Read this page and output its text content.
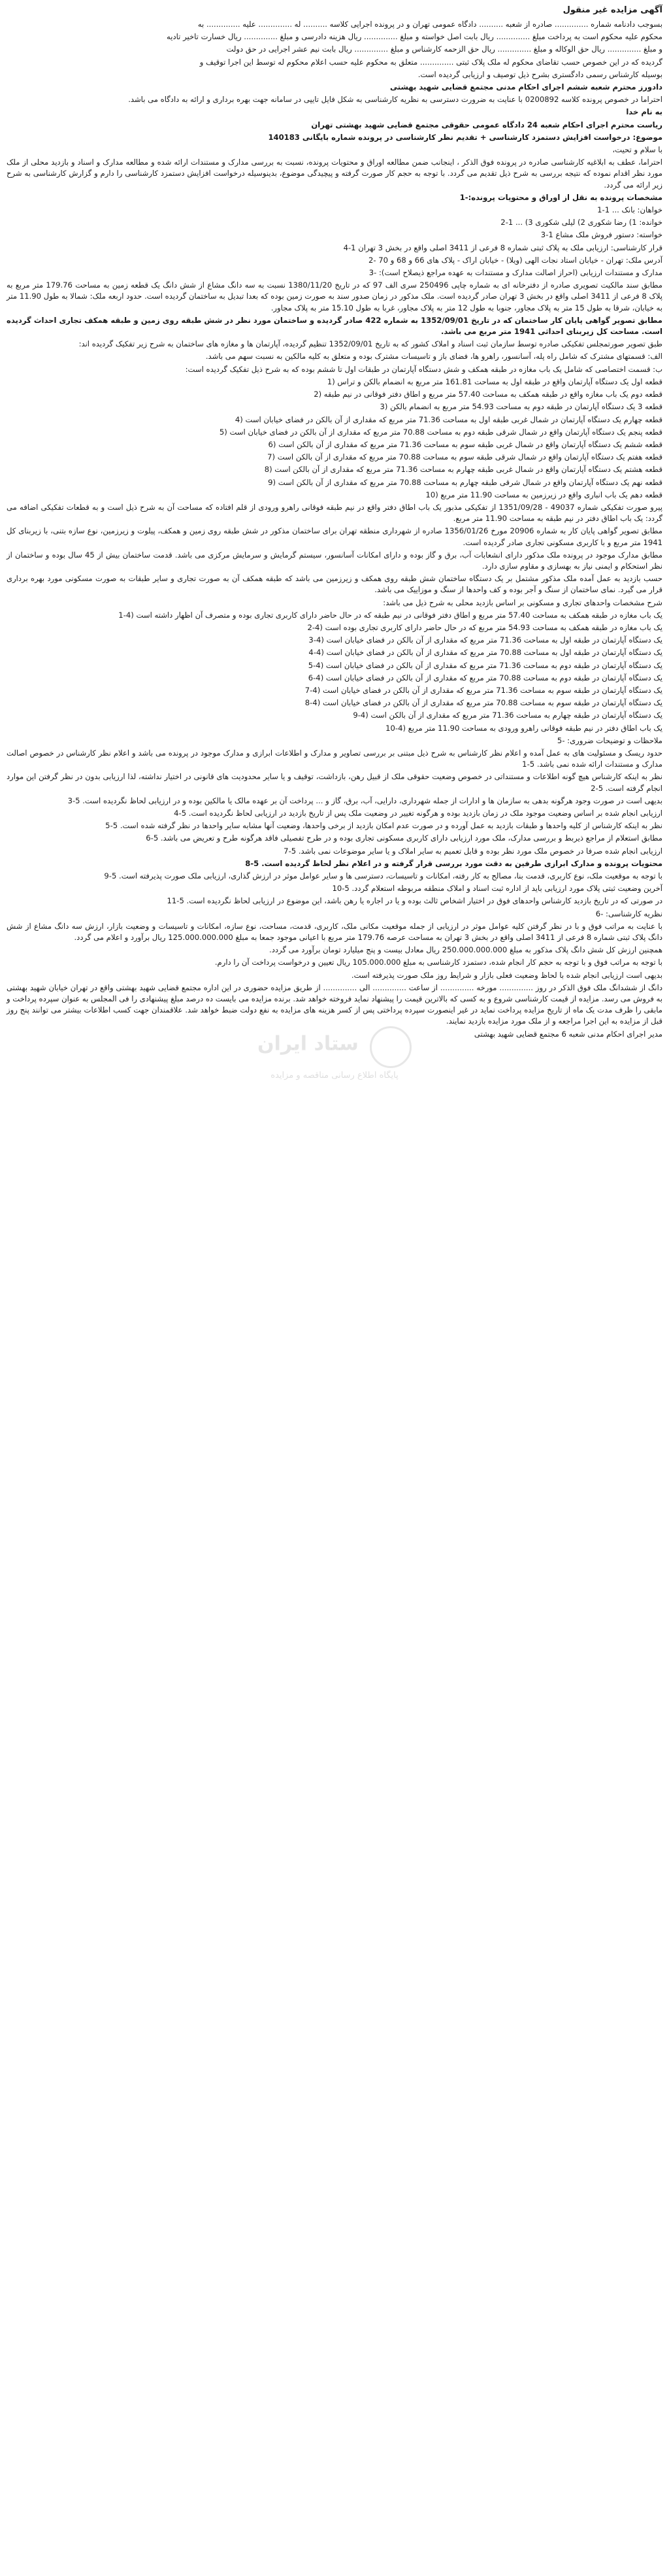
آگهی مزایده غیر منقول
بسوجب دادنامه شماره .............. صادره از شعبه .......... دادگاه عمومی تهران و در پرونده اجرایی کلاسه .......... له .............. علیه .............. به
محکوم علیه محکوم است به پرداخت مبلغ .............. ریال بابت اصل خواسته و مبلغ .............. ریال هزینه دادرسی و مبلغ .............. ریال خسارت تاخیر تادیه
و مبلغ .............. ریال حق الوکاله و مبلغ .............. ریال حق الزحمه کارشناس و مبلغ .............. ریال بابت نیم عشر اجرایی در حق دولت
گردیده که در این خصوص حسب تقاضای محکوم له ملک پلاک ثبتی .............. متعلق به محکوم علیه حسب اعلام محکوم له توسط این اجرا توقیف و
بوسیله کارشناس رسمی دادگستری بشرح ذیل توصیف و ارزیابی گردیده است.
دادورز محترم شعبه ششم اجرای احکام مدنی مجتمع قضایی شهید بهشتی
احتراما در خصوص پرونده کلاسه 0200892 با عنایت به ضرورت دسترسی به نظریه کارشناسی به شکل فایل تایپی در سامانه جهت بهره برداری و ارائه به دادگاه می باشد.
به نام خدا
ریاست محترم اجرای احکام شعبه 24 دادگاه عمومی حقوقی مجتمع قضایی شهید بهشتی تهران
موضوع: درخواست افزایش دستمزد کارشناسی + تقدیم نظر کارشناسی در پرونده شماره بایگانی 140183
با سلام و تحیت،
احتراما، عطف به ابلاغیه کارشناسی صادره در پرونده فوق الذکر ، اینجانب ضمن مطالعه اوراق و محتویات پرونده، نسبت به بررسی مدارک و مستندات ارائه شده و مطالعه مدارک و اسناد و بازدید محلی از ملک مورد نظر اقدام نموده که نتیجه بررسی به شرح ذیل تقدیم می گردد. با توجه به حجم کار صورت گرفته و پیچیدگی موضوع، بدینوسیله درخواست افزایش دستمزد کارشناسی را دارم و گزارش کارشناسی به شرح زیر ارائه می گردد.
مشخصات پرونده به نقل از اوراق و محتویات پرونده:-1
خواهان: بانک ... 1-1
خوانده: 1) رضا شکوری 2) لیلی شکوری 3) ... 1-2
خواسته: دستور فروش ملک مشاع 1-3
قرار کارشناسی: ارزیابی ملک به پلاک ثبتی شماره 8 فرعی از 3411 اصلی واقع در بخش 3 تهران 1-4
آدرس ملک: تهران - خیابان استاد نجات الهی (ویلا) - خیابان اراک - پلاک های 66 و 68 و 70 -2
مدارک و مستندات ارزیابی (احراز اصالت مدارک و مستندات به عهده مراجع ذیصلاح است): -3
مطابق سند مالکیت تصویری صادره از دفترخانه ای به شماره چاپی 250496 سری الف 97 که در تاریخ 1380/11/20 نسبت به سه دانگ مشاع از شش دانگ یک قطعه زمین به مساحت 179.76 متر مربع به پلاک 8 فرعی از 3411 اصلی واقع در بخش 3 تهران صادر گردیده است. ملک مذکور در زمان صدور سند به صورت زمین بوده که بعدا تبدیل به ساختمان گردیده است. حدود اربعه ملک: شمالا به طول 11.90 متر به خیابان، شرقا به طول 15 متر به پلاک مجاور، جنوبا به طول 12 متر به پلاک مجاور، غربا به طول 15.10 متر به پلاک مجاور.
مطابق تصویر گواهی پایان کار ساختمان که در تاریخ 1352/09/01 به شماره 422 صادر گردیده و ساختمان مورد نظر در شش طبقه روی زمین و طبقه همکف تجاری احداث گردیده است. مساحت کل زیربنای احداثی 1941 متر مربع می باشد.
طبق تصویر صورتمجلس تفکیکی صادره توسط سازمان ثبت اسناد و املاک کشور که به تاریخ 1352/09/01 تنظیم گردیده، آپارتمان ها و مغازه های ساختمان به شرح زیر تفکیک گردیده اند:
الف: قسمتهای مشترک که شامل راه پله، آسانسور، راهرو ها، فضای باز و تاسیسات مشترک بوده و متعلق به کلیه مالکین به نسبت سهم می باشد.
ب: قسمت اختصاصی که شامل یک باب مغازه در طبقه همکف و شش دستگاه آپارتمان در طبقات اول تا ششم بوده که به شرح ذیل تفکیک گردیده است:
قطعه اول یک دستگاه آپارتمان واقع در طبقه اول به مساحت 161.81 متر مربع به انضمام بالکن و تراس (1
قطعه دوم یک باب مغازه واقع در طبقه همکف به مساحت 57.40 متر مربع و اطاق دفتر فوقانی در نیم طبقه (2
قطعه 3 یک دستگاه آپارتمان در طبقه دوم به مساحت 54.93 متر مربع به انضمام بالکن (3
قطعه چهارم یک دستگاه آپارتمان در شمال غربی طبقه اول به مساحت 71.36 متر مربع که مقداری از آن بالکن در فضای خیابان است (4
قطعه پنجم یک دستگاه آپارتمان واقع در شمال شرقی طبقه دوم به مساحت 70.88 متر مربع که مقداری از آن بالکن در فضای خیابان است (5
قطعه ششم یک دستگاه آپارتمان واقع در شمال غربی طبقه سوم به مساحت 71.36 متر مربع که مقداری از آن بالکن است (6
قطعه هفتم یک دستگاه آپارتمان واقع در شمال شرقی طبقه سوم به مساحت 70.88 متر مربع که مقداری از آن بالکن است (7
قطعه هشتم یک دستگاه آپارتمان واقع در شمال غربی طبقه چهارم به مساحت 71.36 متر مربع که مقداری از آن بالکن است (8
قطعه نهم یک دستگاه آپارتمان واقع در شمال شرقی طبقه چهارم به مساحت 70.88 متر مربع که مقداری از آن بالکن است (9
قطعه دهم یک باب انباری واقع در زیرزمین به مساحت 11.90 متر مربع (10
پیرو صورت تفکیکی شماره 49037 - 1351/09/28 از تفکیکی مذبور یک باب اطاق دفتر واقع در نیم طبقه فوقانی راهرو ورودی از قلم افتاده که مساحت آن به شرح ذیل است و به قطعات تفکیکی اضافه می گردد: یک باب اطاق دفتر در نیم طبقه به مساحت 11.90 متر مربع.
مطابق تصویر گواهی پایان کار به شماره 20906 مورخ 1356/01/26 صادره از شهرداری منطقه تهران برای ساختمان مذکور در شش طبقه روی زمین و همکف، پیلوت و زیرزمین، نوع سازه بتنی، با زیربنای کل 1941 متر مربع و با کاربری مسکونی تجاری صادر گردیده است.
مطابق مدارک موجود در پرونده ملک مذکور دارای انشعابات آب، برق و گاز بوده و دارای امکانات آسانسور، سیستم گرمایش و سرمایش مرکزی می باشد. قدمت ساختمان بیش از 45 سال بوده و ساختمان از نظر استحکام و ایمنی نیاز به بهسازی و مقاوم سازی دارد.
حسب بازدید به عمل آمده ملک مذکور مشتمل بر یک دستگاه ساختمان شش طبقه روی همکف و زیرزمین می باشد که طبقه همکف آن به صورت تجاری و سایر طبقات به صورت مسکونی مورد بهره برداری قرار می گیرد. نمای ساختمان از سنگ و آجر بوده و کف واحدها از سنگ و موزاییک می باشد.
شرح مشخصات واحدهای تجاری و مسکونی بر اساس بازدید محلی به شرح ذیل می باشد:
یک باب مغازه در طبقه همکف به مساحت 57.40 متر مربع و اطاق دفتر فوقانی در نیم طبقه که در حال حاضر دارای کاربری تجاری بوده و متصرف آن اظهار داشته است (4-1
یک باب مغازه در طبقه همکف به مساحت 54.93 متر مربع که در حال حاضر دارای کاربری تجاری بوده است (4-2
یک دستگاه آپارتمان در طبقه اول به مساحت 71.36 متر مربع که مقداری از آن بالکن در فضای خیابان است (4-3
یک دستگاه آپارتمان در طبقه اول به مساحت 70.88 متر مربع که مقداری از آن بالکن در فضای خیابان است (4-4
یک دستگاه آپارتمان در طبقه دوم به مساحت 71.36 متر مربع که مقداری از آن بالکن در فضای خیابان است (4-5
یک دستگاه آپارتمان در طبقه دوم به مساحت 70.88 متر مربع که مقداری از آن بالکن در فضای خیابان است (4-6
یک دستگاه آپارتمان در طبقه سوم به مساحت 71.36 متر مربع که مقداری از آن بالکن در فضای خیابان است (4-7
یک دستگاه آپارتمان در طبقه سوم به مساحت 70.88 متر مربع که مقداری از آن بالکن در فضای خیابان است (4-8
یک دستگاه آپارتمان در طبقه چهارم به مساحت 71.36 متر مربع که مقداری از آن بالکن است (4-9
یک باب اطاق دفتر در نیم طبقه فوقانی راهرو ورودی به مساحت 11.90 متر مربع (4-10
ملاحظات و توضیحات ضروری: -5
حدود ریسک و مسئولیت های به عمل آمده و اعلام نظر کارشناس به شرح ذیل مبتنی بر بررسی تصاویر و مدارک و اطلاعات ابرازی و مدارک موجود در پرونده می باشد و اعلام نظر کارشناس در خصوص اصالت مدارک و مستندات ارائه شده نمی باشد. 5-1
نظر به اینکه کارشناس هیچ گونه اطلاعات و مستنداتی در خصوص وضعیت حقوقی ملک از قبیل رهن، بازداشت، توقیف و یا سایر محدودیت های قانونی در اختیار نداشته، لذا ارزیابی بدون در نظر گرفتن این موارد انجام گرفته است. 5-2
بدیهی است در صورت وجود هرگونه بدهی به سازمان ها و ادارات از جمله شهرداری، دارایی، آب، برق، گاز و ... پرداخت آن بر عهده مالک یا مالکین بوده و در ارزیابی لحاظ نگردیده است. 5-3
ارزیابی انجام شده بر اساس وضعیت موجود ملک در زمان بازدید بوده و هرگونه تغییر در وضعیت ملک پس از تاریخ بازدید در ارزیابی لحاظ نگردیده است. 5-4
نظر به اینکه کارشناس از کلیه واحدها و طبقات بازدید به عمل آورده و در صورت عدم امکان بازدید از برخی واحدها، وضعیت آنها مشابه سایر واحدها در نظر گرفته شده است. 5-5
مطابق استعلام از مراجع ذیربط و بررسی مدارک، ملک مورد ارزیابی دارای کاربری مسکونی تجاری بوده و در طرح تفصیلی فاقد هرگونه طرح و تعریض می باشد. 5-6
ارزیابی انجام شده صرفا در خصوص ملک مورد نظر بوده و قابل تعمیم به سایر املاک و یا سایر موضوعات نمی باشد. 5-7
محتویات پرونده و مدارک ابرازی طرفین به دقت مورد بررسی قرار گرفته و در اعلام نظر لحاظ گردیده است. 5-8
با توجه به موقعیت ملک، نوع کاربری، قدمت بنا، مصالح به کار رفته، امکانات و تاسیسات، دسترسی ها و سایر عوامل موثر در ارزش گذاری، ارزیابی ملک صورت پذیرفته است. 5-9
آخرین وضعیت ثبتی پلاک مورد ارزیابی باید از اداره ثبت اسناد و املاک منطقه مربوطه استعلام گردد. 5-10
در صورتی که در تاریخ بازدید کارشناس واحدهای فوق در اختیار اشخاص ثالث بوده و یا در اجاره یا رهن باشد، این موضوع در ارزیابی لحاظ نگردیده است. 5-11
نظریه کارشناسی: -6
با عنایت به مراتب فوق و با در نظر گرفتن کلیه عوامل موثر در ارزیابی از جمله موقعیت مکانی ملک، کاربری، قدمت، مساحت، نوع سازه، امکانات و تاسیسات و وضعیت بازار، ارزش سه دانگ مشاع از شش دانگ پلاک ثبتی شماره 8 فرعی از 3411 اصلی واقع در بخش 3 تهران به مساحت عرصه 179.76 متر مربع با اعیانی موجود جمعا به مبلغ 125.000.000.000 ریال برآورد و اعلام می گردد.
همچنین ارزش کل شش دانگ پلاک مذکور به مبلغ 250.000.000.000 ریال معادل بیست و پنج میلیارد تومان برآورد می گردد.
با توجه به مراتب فوق و با توجه به حجم کار انجام شده، دستمزد کارشناسی به مبلغ 105.000.000 ریال تعیین و درخواست پرداخت آن را دارم.
بدیهی است ارزیابی انجام شده با لحاظ وضعیت فعلی بازار و شرایط روز ملک صورت پذیرفته است.
دانگ از ششدانگ ملک فوق الذکر در روز .............. مورخه .............. از ساعت .............. الی .............. از طریق مزایده حضوری در این اداره مجتمع قضایی شهید بهشتی واقع در تهران خیابان شهید بهشتی به فروش می رسد. مزایده از قیمت کارشناسی شروع و به کسی که بالاترین قیمت را پیشنهاد نماید فروخته خواهد شد. برنده مزایده می بایست ده درصد مبلغ پیشنهادی را فی المجلس به عنوان سپرده پرداخت و مابقی را ظرف مدت یک ماه از تاریخ مزایده پرداخت نماید در غیر اینصورت سپرده پرداختی پس از کسر هزینه های مزایده به نفع دولت ضبط خواهد شد. علاقمندان جهت کسب اطلاعات بیشتر می توانند پنج روز قبل از مزایده به این اجرا مراجعه و از ملک مورد مزایده بازدید نمایند.
مدیر اجرای احکام مدنی شعبه 6 مجتمع قضایی شهید بهشتی
ستاد ایران
پایگاه اطلاع رسانی مناقصه و مزایده
